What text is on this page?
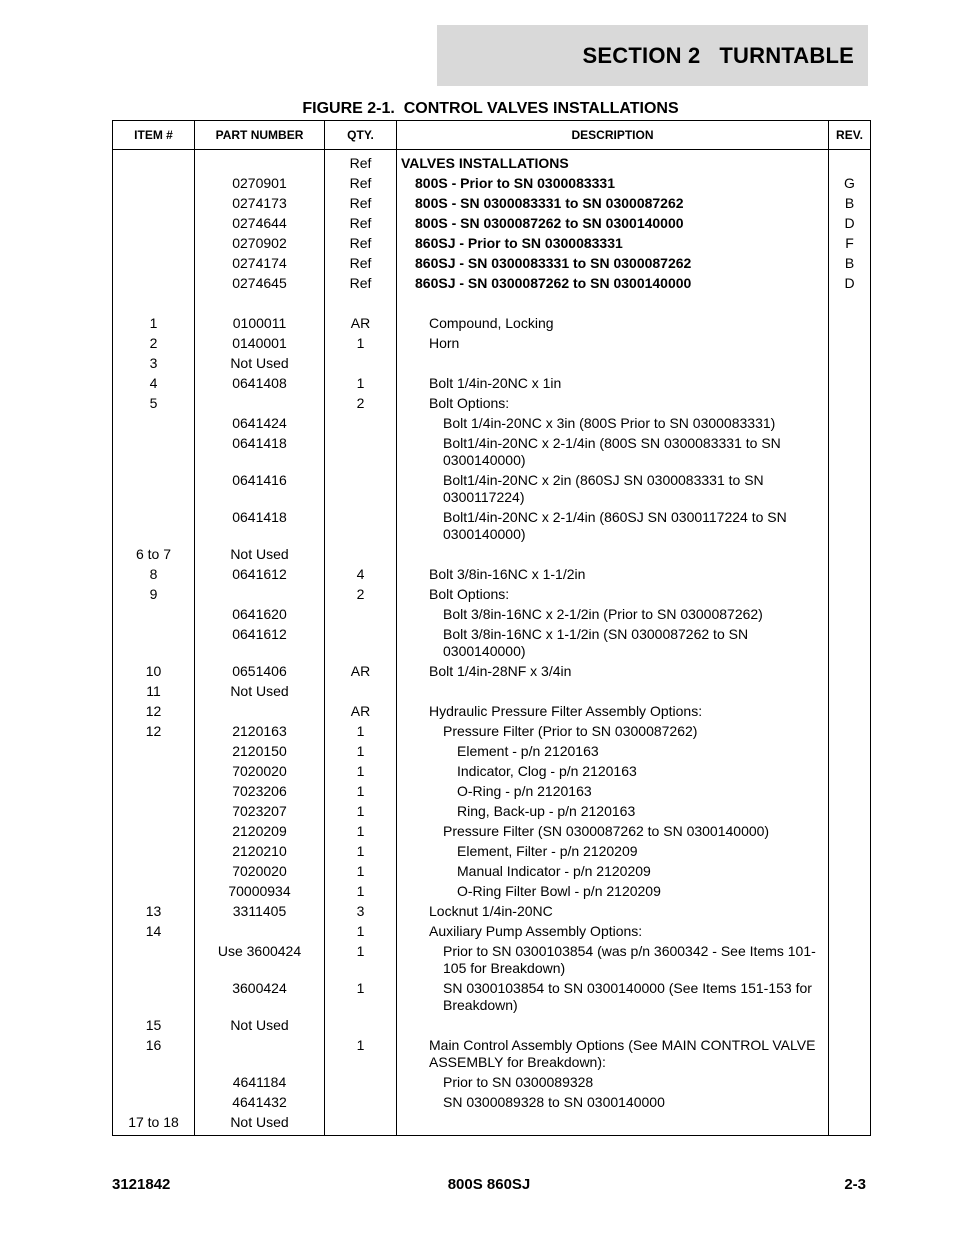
SECTION 2   TURNTABLE
FIGURE 2-1.  CONTROL VALVES INSTALLATIONS
ITEM #	PART NUMBER	QTY.	DESCRIPTION	REV.
		Ref	VALVES INSTALLATIONS	

	0270901	Ref	800S - Prior to SN 0300083331	G
	0274173	Ref	800S - SN 0300083331 to SN 0300087262	B
	0274644	Ref	800S - SN 0300087262 to SN 0300140000	D
	0270902	Ref	860SJ - Prior to SN 0300083331	F
	0274174	Ref	860SJ - SN 0300083331 to SN 0300087262	B
	0274645	Ref	860SJ - SN 0300087262 to SN 0300140000	D

1	0100011	AR	Compound, Locking	

2	0140001	1	Horn	

3	Not Used		

4	0641408	1	Bolt 1/4in-20NC x 1in	

5		2	Bolt Options:	

	0641424		Bolt 1/4in-20NC x 3in (800S Prior to SN 0300083331)	

	0641418		Bolt1/4in-20NC x 2-1/4in (800S SN 0300083331 to SN 0300140000)	

	0641416		Bolt1/4in-20NC x 2in (860SJ SN 0300083331 to SN 0300117224)	

	0641418		Bolt1/4in-20NC x 2-1/4in (860SJ SN 0300117224 to SN 0300140000)	

6 to 7	Not Used		

8	0641612	4	Bolt 3/8in-16NC x 1-1/2in	

9		2	Bolt Options:	

	0641620		Bolt 3/8in-16NC x 2-1/2in (Prior to SN 0300087262)	

	0641612		Bolt 3/8in-16NC x 1-1/2in (SN 0300087262 to SN 0300140000)	

10	0651406	AR	Bolt 1/4in-28NF x 3/4in	

11	Not Used		

12		AR	Hydraulic Pressure Filter Assembly Options:	

12	2120163	1	Pressure Filter (Prior to SN 0300087262)	

	2120150	1	Element - p/n 2120163	

	7020020	1	Indicator, Clog - p/n 2120163	

	7023206	1	O-Ring - p/n 2120163	

	7023207	1	Ring, Back-up - p/n 2120163	

	2120209	1	Pressure Filter (SN 0300087262 to SN 0300140000)	

	2120210	1	Element, Filter - p/n 2120209	

	7020020	1	Manual Indicator - p/n 2120209	

	70000934	1	O-Ring Filter Bowl - p/n 2120209	

13	3311405	3	Locknut 1/4in-20NC	

14		1	Auxiliary Pump Assembly Options:	

	Use 3600424	1	Prior to SN 0300103854 (was p/n 3600342 - See Items 101-105 for Breakdown)	

	3600424	1	SN 0300103854 to SN 0300140000 (See Items 151-153 for Breakdown)	

15	Not Used		

16		1	Main Control Assembly Options (See MAIN CONTROL VALVE ASSEMBLY for Breakdown):	

	4641184		Prior to SN 0300089328	

	4641432		SN 0300089328 to SN 0300140000	

17 to 18	Not Used		

3121842	800S 860SJ	2-3
